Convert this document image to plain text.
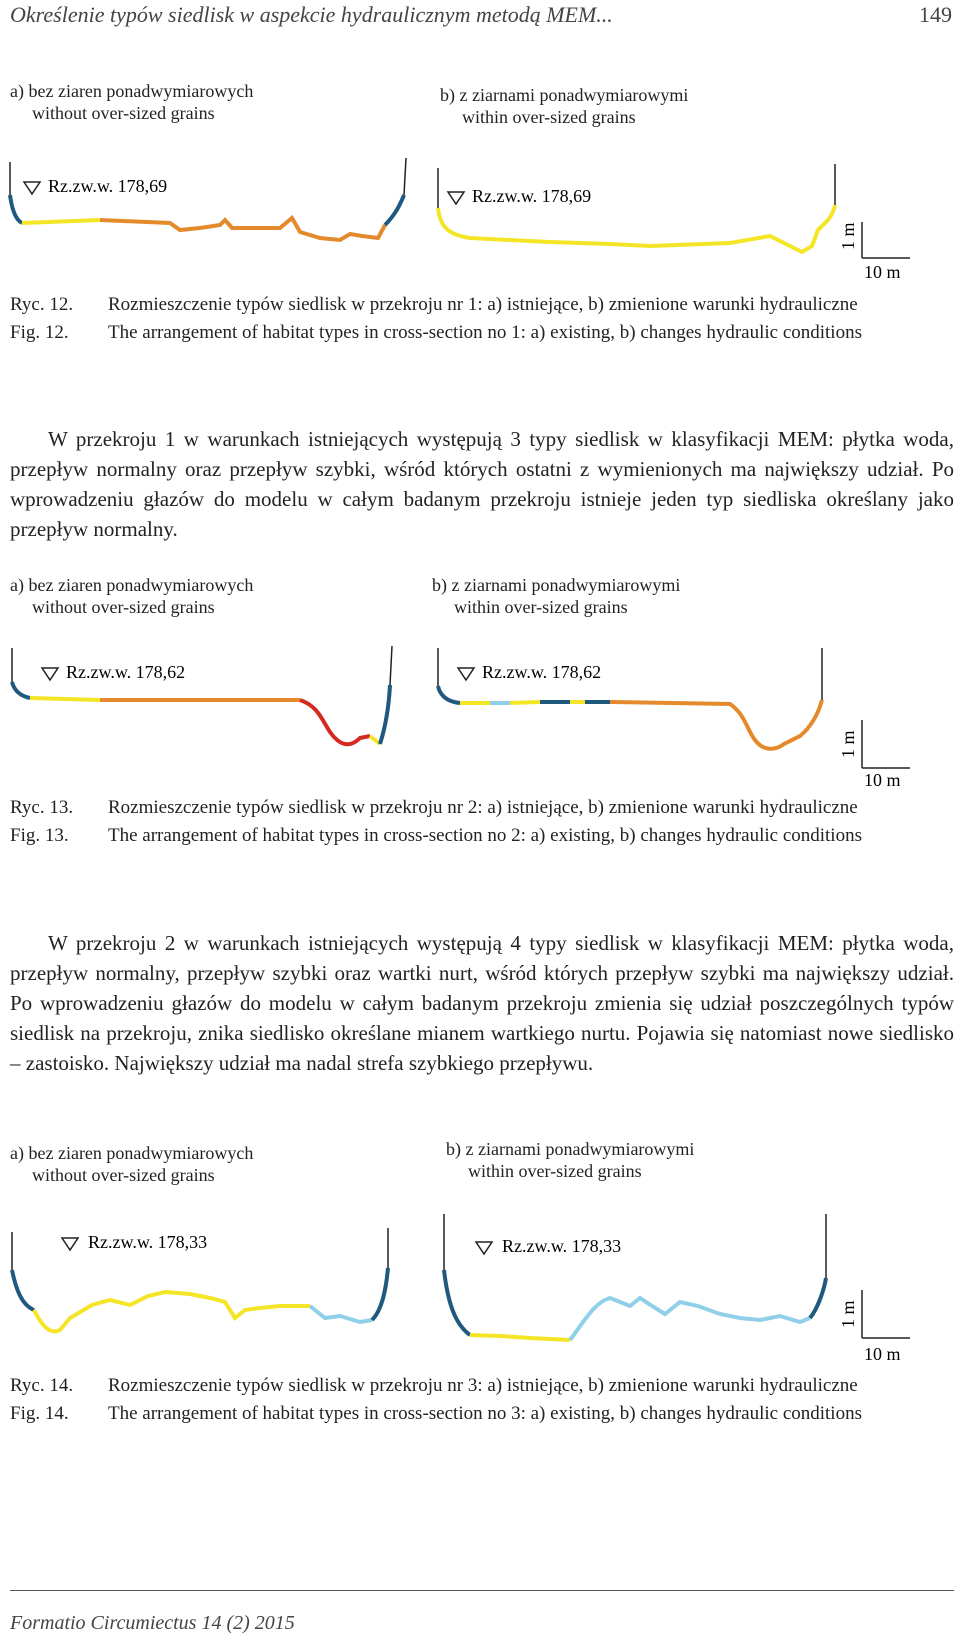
Określenie typów siedlisk w aspekcie hydraulicznym metodą MEM...	149
a) bez ziaren ponadwymiarowych
without over-sized grains
b) z ziarnami ponadwymiarowymi
within over-sized grains
Rz.zw.w. 178,69	Rz.zw.w. 178,69
1 m
10 m
Ryc. 12. Rozmieszczenie typów siedlisk w przekroju nr 1: a) istniejące, b) zmienione warunki hydrauliczne
Fig. 12. The arrangement of habitat types in cross-section no 1: a) existing, b) changes hydraulic conditions
W przekroju 1 w warunkach istniejących występują 3 typy siedlisk w klasyfikacji MEM: płytka woda, przepływ normalny oraz przepływ szybki, wśród których ostatni z wymienionych ma największy udział. Po wprowadzeniu głazów do modelu w całym badanym przekroju istnieje jeden typ siedliska określany jako przepływ normalny.
a) bez ziaren ponadwymiarowych
without over-sized grains
b) z ziarnami ponadwymiarowymi
within over-sized grains
Rz.zw.w. 178,62	Rz.zw.w. 178,62
1 m
10 m
Ryc. 13. Rozmieszczenie typów siedlisk w przekroju nr 2: a) istniejące, b) zmienione warunki hydrauliczne
Fig. 13. The arrangement of habitat types in cross-section no 2: a) existing, b) changes hydraulic conditions
W przekroju 2 w warunkach istniejących występują 4 typy siedlisk w klasyfikacji MEM: płytka woda, przepływ normalny, przepływ szybki oraz wartki nurt, wśród których przepływ szybki ma największy udział. Po wprowadzeniu głazów do modelu w całym badanym przekroju zmienia się udział poszczególnych typów siedlisk na przekroju, znika siedlisko określane mianem wartkiego nurtu. Pojawia się natomiast nowe siedlisko – zastoisko. Największy udział ma nadal strefa szybkiego przepływu.
a) bez ziaren ponadwymiarowych
without over-sized grains
b) z ziarnami ponadwymiarowymi
within over-sized grains
Rz.zw.w. 178,33	Rz.zw.w. 178,33
1 m
10 m
Ryc. 14. Rozmieszczenie typów siedlisk w przekroju nr 3: a) istniejące, b) zmienione warunki hydrauliczne
Fig. 14. The arrangement of habitat types in cross-section no 3: a) existing, b) changes hydraulic conditions
Formatio Circumiectus 14 (2) 2015
